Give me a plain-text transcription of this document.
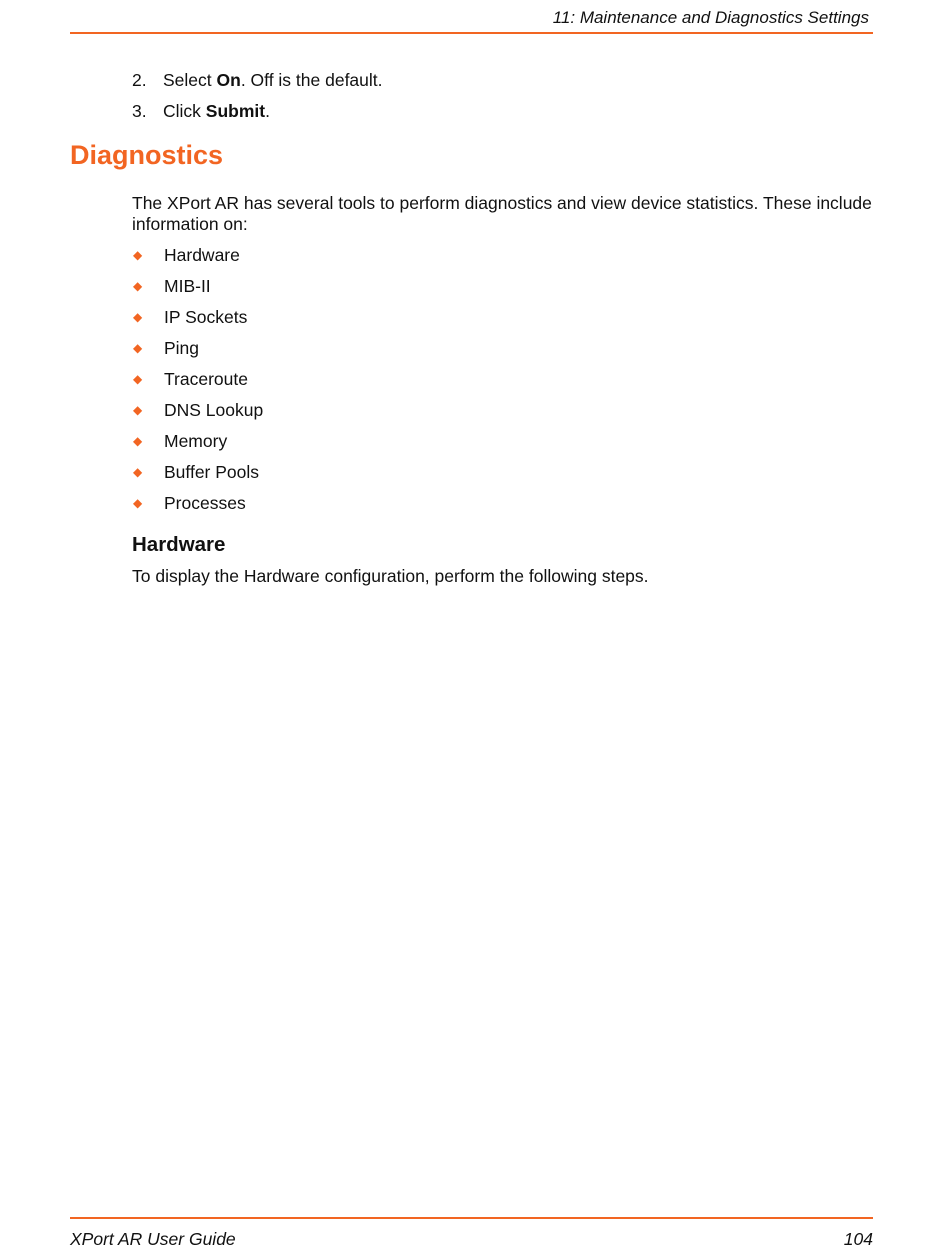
11: Maintenance and Diagnostics Settings
2. Select On. Off is the default.
3. Click Submit.
Diagnostics

The XPort AR has several tools to perform diagnostics and view device statistics. These include information on:

◆	Hardware
◆	MIB-II
◆	IP Sockets
◆	Ping
◆	Traceroute
◆	DNS Lookup
◆	Memory
◆	Buffer Pools
◆	Processes
Hardware

To display the Hardware configuration, perform the following steps.

XPort AR User Guide	104
